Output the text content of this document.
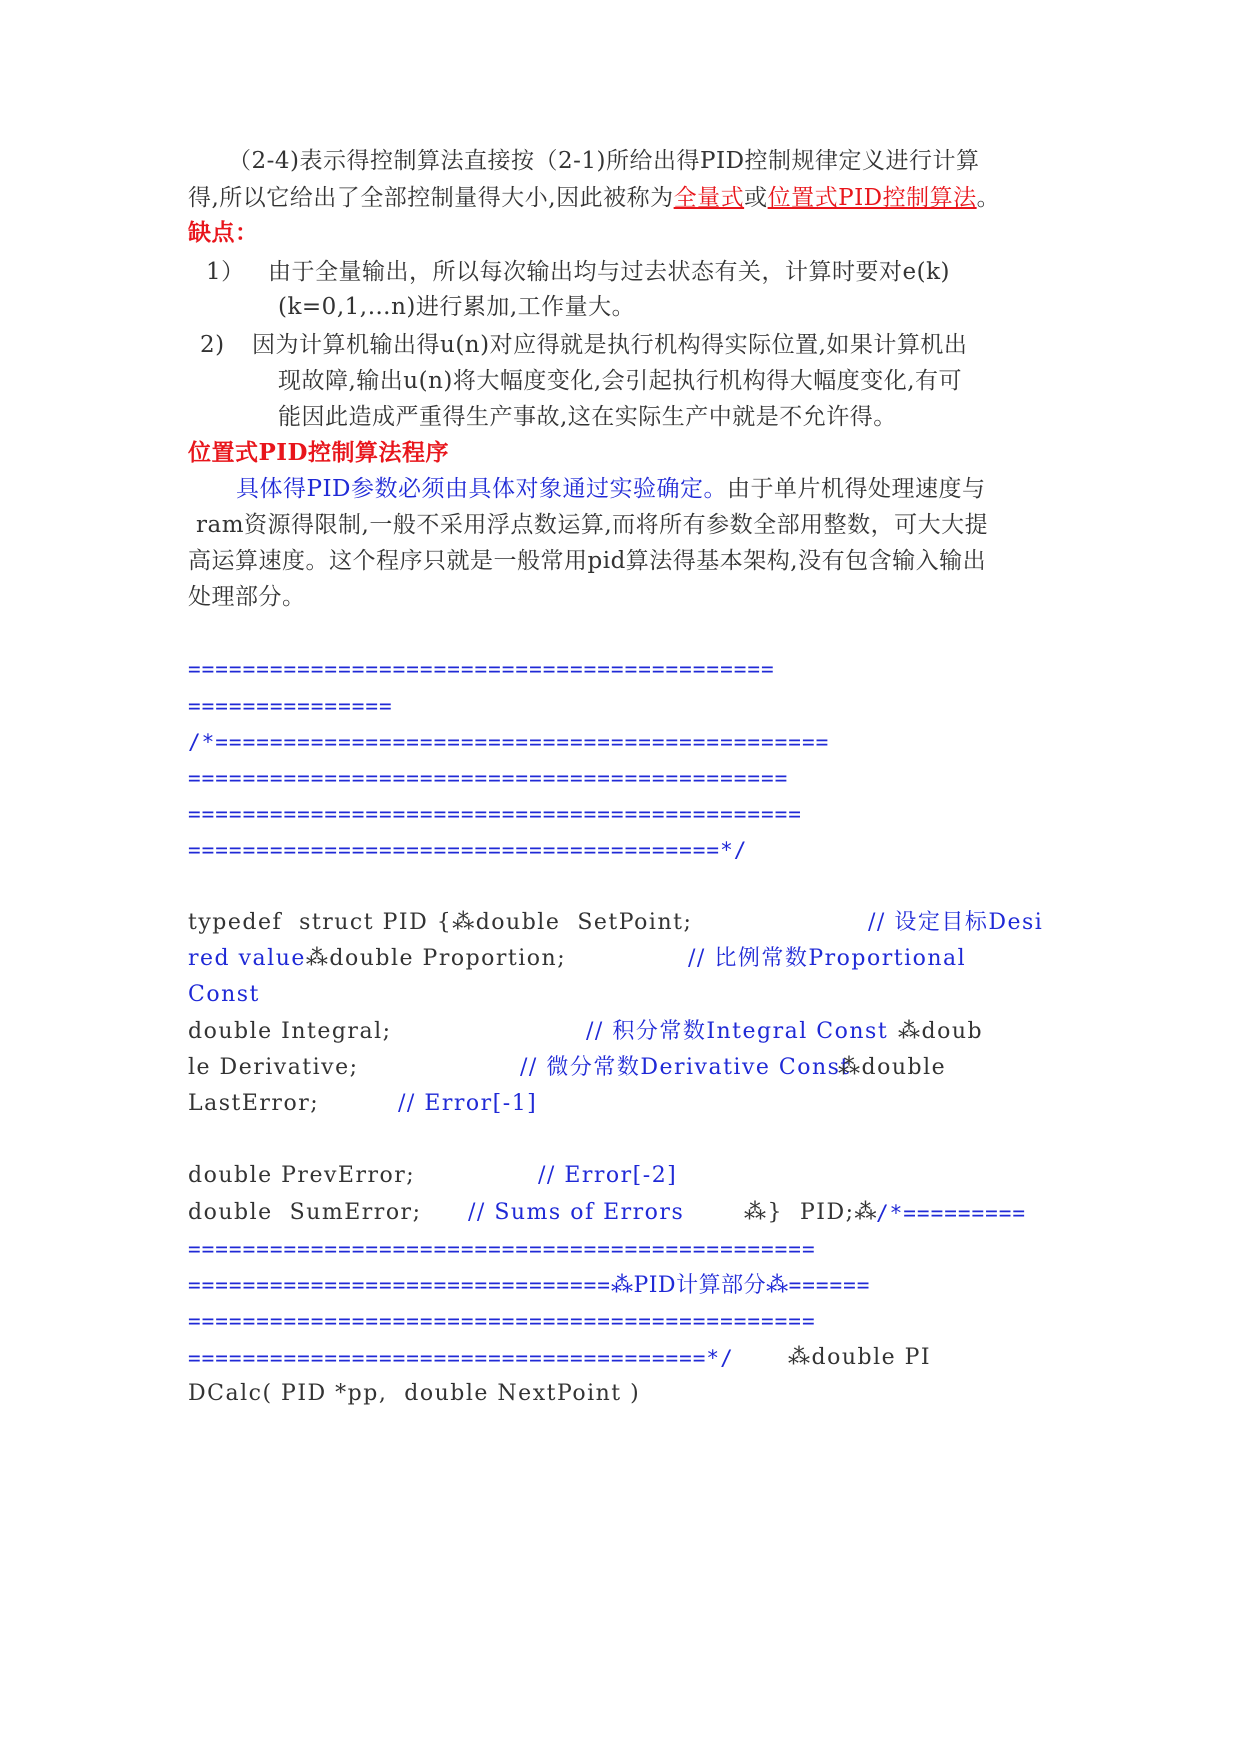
（2-4)表示得控制算法直接按（2-1)所给出得PID控制规律定义进行计算
得,所以它给出了全部控制量得大小,因此被称为全量式或位置式PID控制算法。
缺点：
1） 由于全量输出，所以每次输出均与过去状态有关，计算时要对e(k)
(k=0,1,…n)进行累加,工作量大。
2) 因为计算机输出得u(n)对应得就是执行机构得实际位置,如果计算机出
现故障,输出u(n)将大幅度变化,会引起执行机构得大幅度变化,有可
能因此造成严重得生产事故,这在实际生产中就是不允许得。
位置式PID控制算法程序
具体得PID参数必须由具体对象通过实验确定。由于单片机得处理速度与
ram资源得限制,一般不采用浮点数运算,而将所有参数全部用整数，可大大提
高运算速度。这个程序只就是一般常用pid算法得基本架构,没有包含输入输出
处理部分。
===========================================
===============
/*=============================================
============================================
=============================================
=======================================*/
typedef  struct PID {⁂double  SetPoint;	// 设定目标Desi
red value⁂double Proportion;	// 比例常数Proportional
Const
double Integral;	// 积分常数Integral Const ⁂doub
le Derivative;	// 微分常数Derivative Const
⁂double
LastError;	// Error[-1]
double PrevError;	// Error[-2]
double  SumError; // Sums of Errors	⁂}  PID;⁂
/*=========
==============================================
===============================⁂PID计算部分⁂======
==============================================
======================================*/ ⁂double PI
DCalc( PID *pp,  double NextPoint )
